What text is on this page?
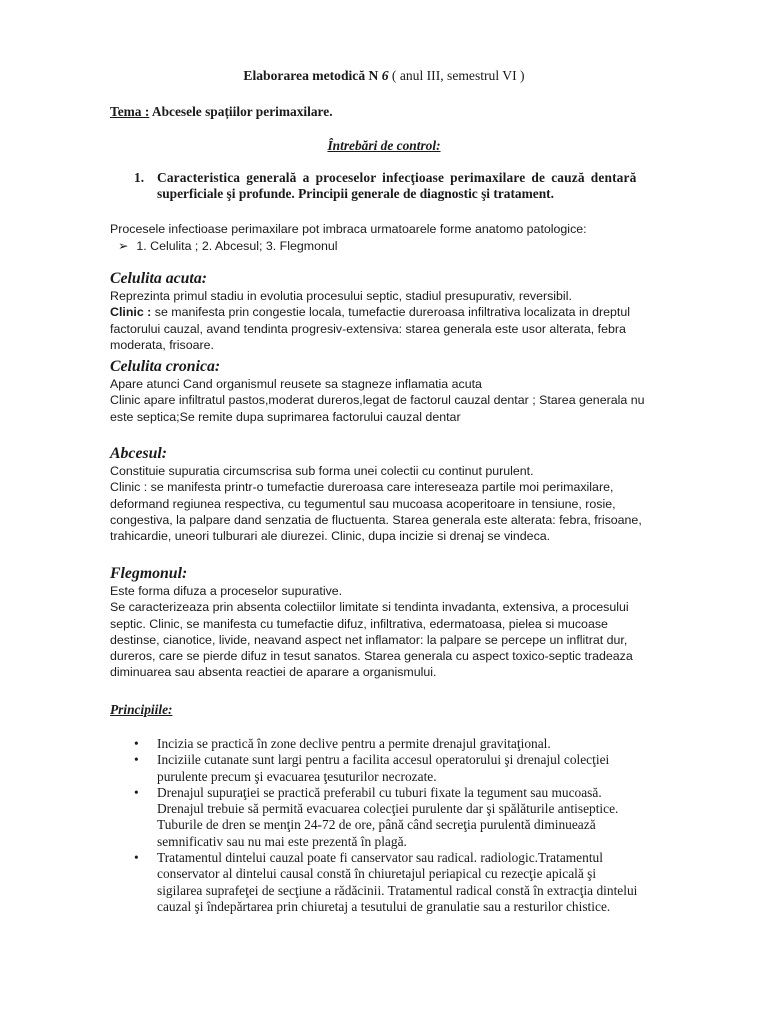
Elaborarea metodică N 6 ( anul III, semestrul VI )
Tema : Abcesele spațiilor perimaxilare.
Întrebări de control:
1. Caracteristica generală a proceselor infecţioase perimaxilare de cauză dentară
superficiale şi profunde. Principii generale de diagnostic şi tratament.
Procesele infectioase perimaxilare pot imbraca urmatoarele forme anatomo patologice:
➢ 1. Celulita ; 2. Abcesul; 3. Flegmonul
Celulita acuta:
Reprezinta primul stadiu in evolutia procesului septic, stadiul presupurativ, reversibil.
Clinic : se manifesta prin congestie locala, tumefactie dureroasa infiltrativa localizata in dreptul
factorului cauzal, avand tendinta progresiv-extensiva: starea generala este usor alterata, febra
moderata, frisoare.
Celulita cronica:
Apare atunci Cand organismul reusete sa stagneze inflamatia acuta
Clinic apare infiltratul pastos,moderat dureros,legat de factorul cauzal dentar ; Starea generala nu
este septica;Se remite dupa suprimarea factorului cauzal dentar
Abcesul:
Constituie supuratia circumscrisa sub forma unei colectii cu continut purulent.
Clinic : se manifesta printr-o tumefactie dureroasa care intereseaza partile moi perimaxilare,
deformand regiunea respectiva, cu tegumentul sau mucoasa acoperitoare in tensiune, rosie,
congestiva, la palpare dand senzatia de fluctuenta. Starea generala este alterata: febra, frisoane,
trahicardie, uneori tulburari ale diurezei. Clinic, dupa incizie si drenaj se vindeca.
Flegmonul:
Este forma difuza a proceselor supurative.
Se caracterizeaza prin absenta colectiilor limitate si tendinta invadanta, extensiva, a procesului
septic. Clinic, se manifesta cu tumefactie difuz, infiltrativa, edermatoasa, pielea si mucoase
destinse, cianotice, livide, neavand aspect net inflamator: la palpare se percepe un inflitrat dur,
dureros, care se pierde difuz in tesut sanatos. Starea generala cu aspect toxico-septic tradeaza
diminuarea sau absenta reactiei de aparare a organismului.
Principiile:
• Incizia se practică în zone declive pentru a permite drenajul gravitaţional.
• Inciziile cutanate sunt largi pentru a facilita accesul operatorului şi drenajul colecţiei
purulente precum şi evacuarea ţesuturilor necrozate.
• Drenajul supuraţiei se practică preferabil cu tuburi fixate la tegument sau mucoasă.
Drenajul trebuie să permită evacuarea colecţiei purulente dar şi spălăturile antiseptice.
Tuburile de dren se menţin 24-72 de ore, până când secreţia purulentă diminuează
semnificativ sau nu mai este prezentă în plagă.
• Tratamentul dintelui cauzal poate fi canservator sau radical. radiologic.Tratamentul
conservator al dintelui causal constă în chiuretajul periapical cu rezecţie apicală şi
sigilarea suprafeţei de secţiune a rădăcinii. Tratamentul radical constă în extracţia dintelui
cauzal şi îndepărtarea prin chiuretaj a tesutului de granulatie sau a resturilor chistice.
